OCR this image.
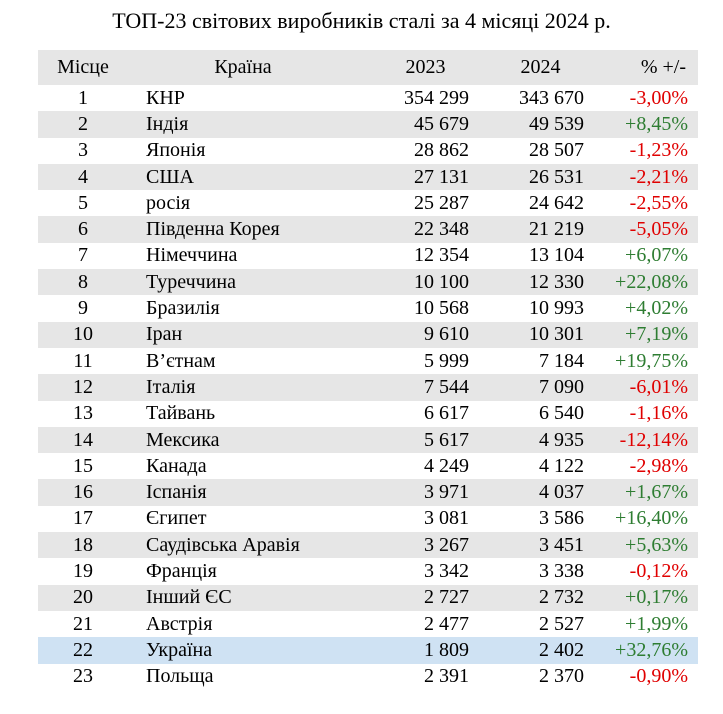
ТОП-23 світових виробників сталі за 4 місяці 2024 р.
Місце	Країна	2023	2024	% +/-
1	КНР	354 299	343 670	-3,00%
2	Індія	45 679	49 539	+8,45%
3	Японія	28 862	28 507	-1,23%
4	США	27 131	26 531	-2,21%
5	росія	25 287	24 642	-2,55%
6	Південна Корея	22 348	21 219	-5,05%
7	Німеччина	12 354	13 104	+6,07%
8	Туреччина	10 100	12 330	+22,08%
9	Бразилія	10 568	10 993	+4,02%
10	Іран	9 610	10 301	+7,19%
11	В’єтнам	5 999	7 184	+19,75%
12	Італія	7 544	7 090	-6,01%
13	Тайвань	6 617	6 540	-1,16%
14	Мексика	5 617	4 935	-12,14%
15	Канада	4 249	4 122	-2,98%
16	Іспанія	3 971	4 037	+1,67%
17	Єгипет	3 081	3 586	+16,40%
18	Саудівська Аравія	3 267	3 451	+5,63%
19	Франція	3 342	3 338	-0,12%
20	Інший ЄС	2 727	2 732	+0,17%
21	Австрія	2 477	2 527	+1,99%
22	Україна	1 809	2 402	+32,76%
23	Польща	2 391	2 370	-0,90%
